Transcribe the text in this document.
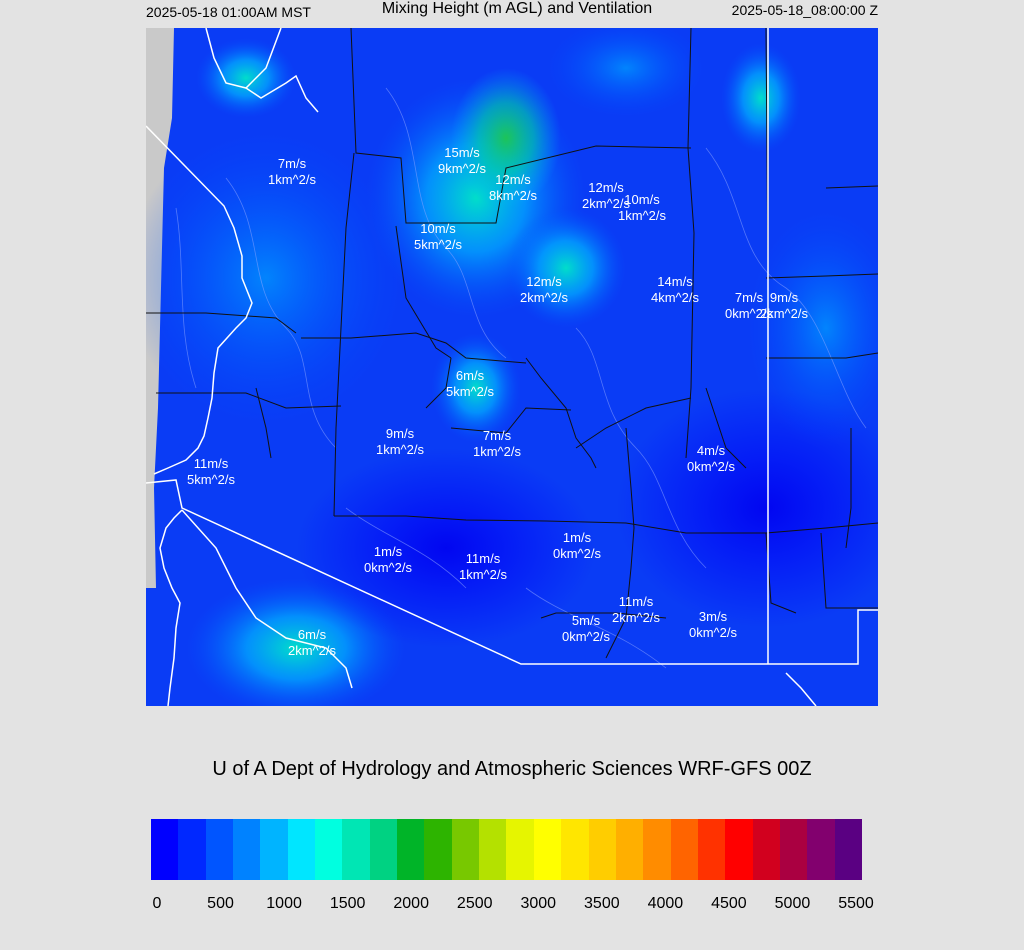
2025-05-18 01:00AM MST	Mixing Height (m AGL) and Ventilation	2025-05-18_08:00:00 Z
7m/s
1km^2/s
15m/s
9km^2/s
12m/s
8km^2/s
12m/s
2km^2/s
10m/s
1km^2/s
10m/s
5km^2/s
12m/s
2km^2/s
14m/s
4km^2/s	7m/s
0km^2/s
9m/s
2km^2/s
6m/s
5km^2/s
9m/s
1km^2/s
7m/s
1km^2/s	4m/s
0km^2/s
11m/s
5km^2/s
1m/s
0km^2/s
1m/s
0km^2/s
11m/s
1km^2/s
11m/s
2km^2/s
5m/s
0km^2/s
3m/s
0km^2/s
6m/s
2km^2/s
U of A Dept of Hydrology and Atmospheric Sciences WRF-GFS 00Z
0	500 1000 1500 2000 2500 3000 3500 4000 4500 5000 5500
